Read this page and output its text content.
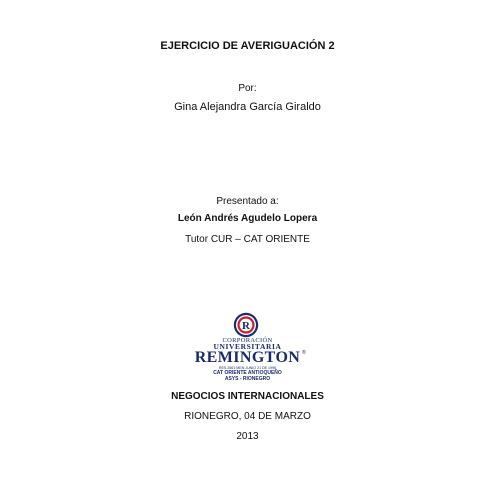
EJERCICIO DE AVERIGUACIÓN 2
Por:
Gina Alejandra García Giraldo
Presentado a:
León Andrés Agudelo Lopera
Tutor CUR – CAT ORIENTE
R
CORPORACIÓN
UNIVERSITARIA
REMINGTON ®
RES.2661 MEN JUNIO 21 DE 1996
CAT ORIENTE ANTIOQUEÑO
ASYS - RIONEGRO
NEGOCIOS INTERNACIONALES
RIONEGRO, 04 DE MARZO
2013
